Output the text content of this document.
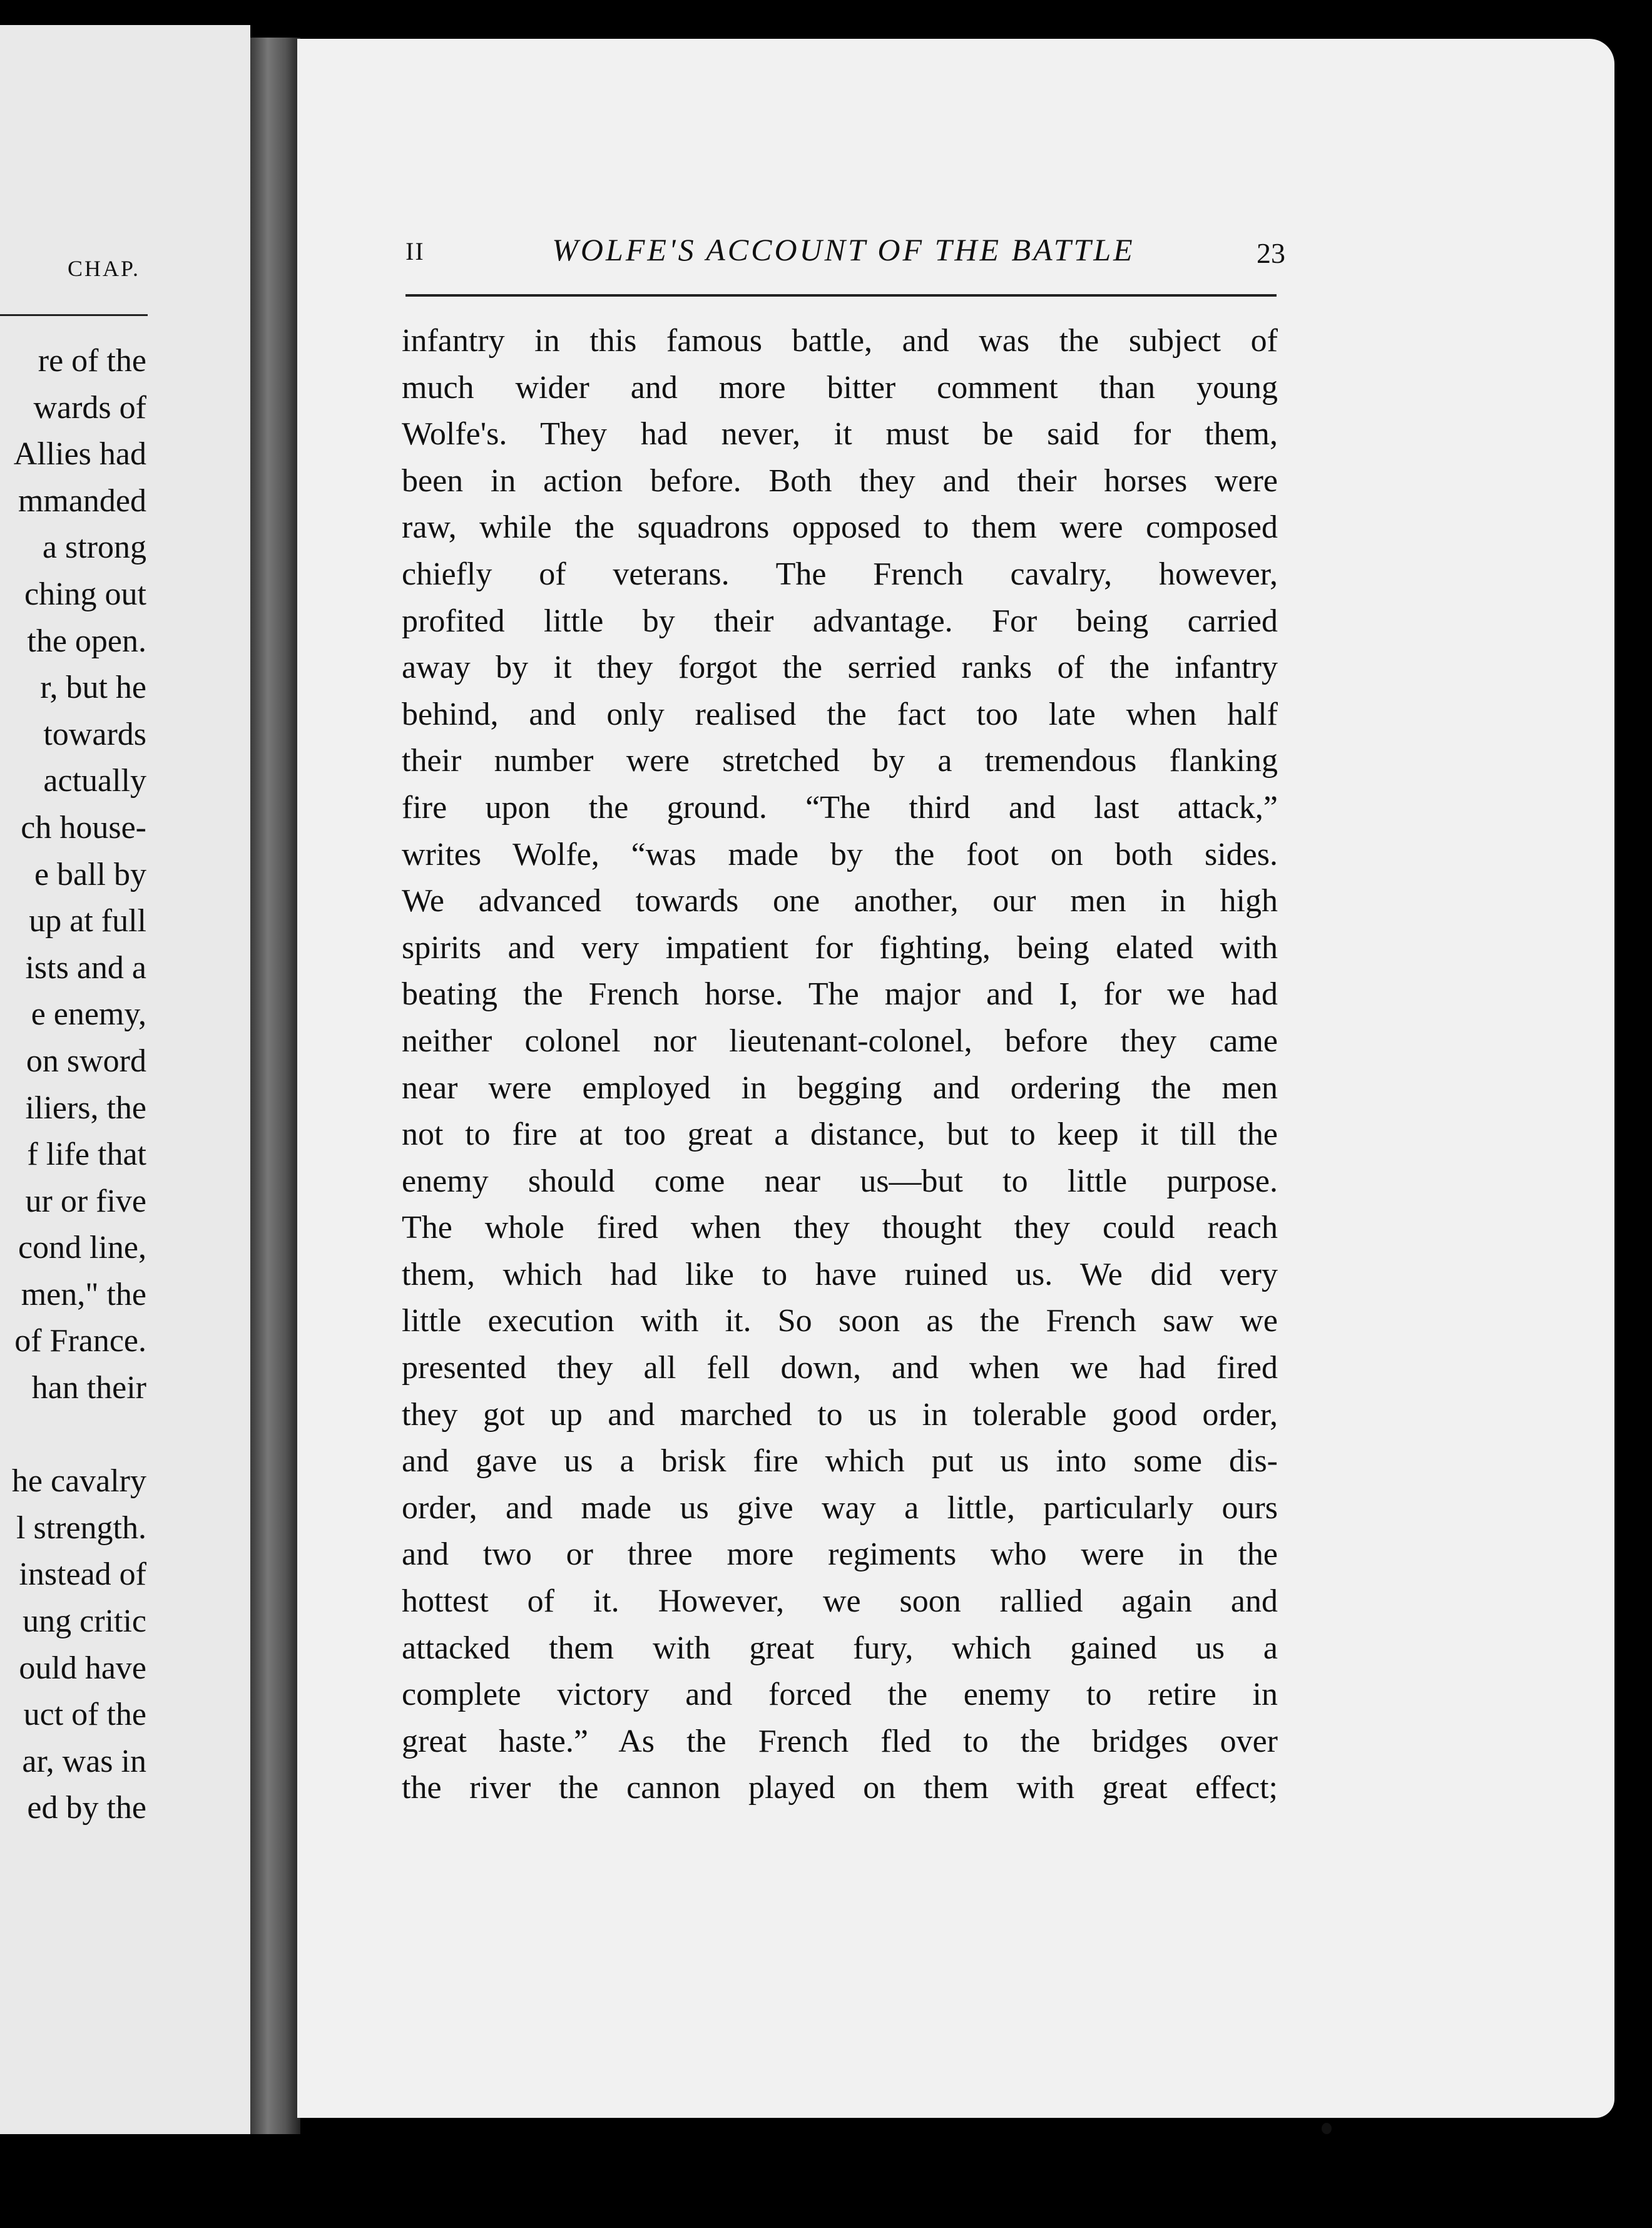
CHAP.
re of the
wards of
Allies had
mmanded
a strong
ching out
the open.
r, but he
towards
actually
ch house-
e ball by
up at full
ists and a
e enemy,
on sword
iliers, the
f life that
ur or five
cond line,
men," the
of France.
han their
he cavalry
l strength.
instead of
ung critic
ould have
uct of the
ar, was in
ed by the
II	WOLFE'S ACCOUNT OF THE BATTLE	23
infantry in this famous battle, and was the subject of
much wider and more bitter comment than young
Wolfe's. They had never, it must be said for them,
been in action before. Both they and their horses were
raw, while the squadrons opposed to them were composed
chiefly of veterans. The French cavalry, however,
profited little by their advantage. For being carried
away by it they forgot the serried ranks of the infantry
behind, and only realised the fact too late when half
their number were stretched by a tremendous flanking
fire upon the ground. “The third and last attack,”
writes Wolfe, “was made by the foot on both sides.
We advanced towards one another, our men in high
spirits and very impatient for fighting, being elated with
beating the French horse. The major and I, for we had
neither colonel nor lieutenant-colonel, before they came
near were employed in begging and ordering the men
not to fire at too great a distance, but to keep it till the
enemy should come near us—but to little purpose.
The whole fired when they thought they could reach
them, which had like to have ruined us. We did very
little execution with it. So soon as the French saw we
presented they all fell down, and when we had fired
they got up and marched to us in tolerable good order,
and gave us a brisk fire which put us into some dis-
order, and made us give way a little, particularly ours
and two or three more regiments who were in the
hottest of it. However, we soon rallied again and
attacked them with great fury, which gained us a
complete victory and forced the enemy to retire in
great haste.” As the French fled to the bridges over
the river the cannon played on them with great effect;
